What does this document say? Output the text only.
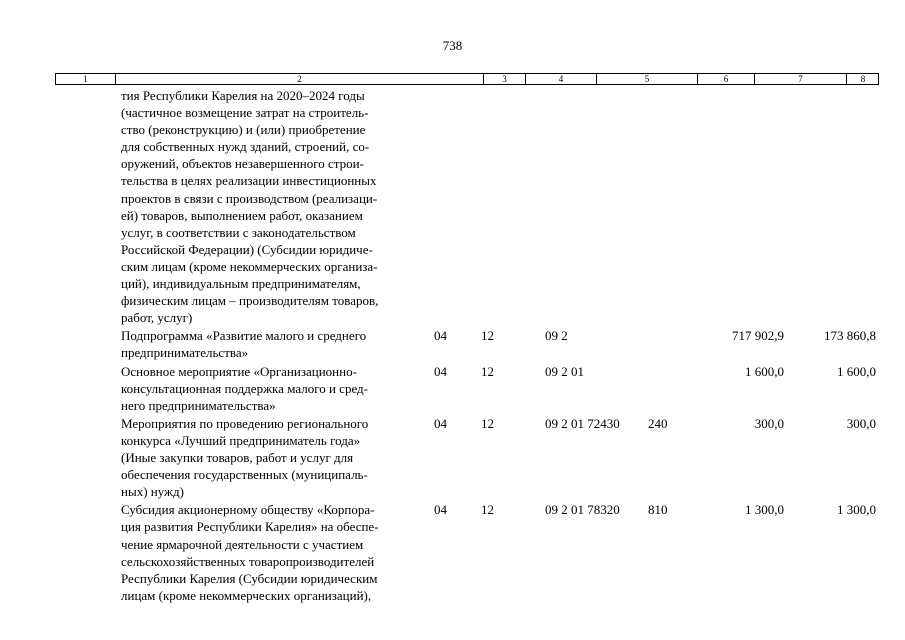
738
1	2	3	4	5	6	7	8
тия Республики Карелия на 2020–2024 годы
(частичное возмещение затрат на строитель-
ство (реконструкцию) и (или) приобретение
для собственных нужд зданий, строений, со-
оружений, объектов незавершенного строи-
тельства в целях реализации инвестиционных
проектов в связи с производством (реализаци-
ей) товаров, выполнением работ, оказанием
услуг, в соответствии с законодательством
Российской Федерации) (Субсидии юридиче-
ским лицам (кроме некоммерческих организа-
ций), индивидуальным предпринимателям,
физическим лицам – производителям товаров,
работ, услуг)
Подпрограмма «Развитие малого и среднего
предпринимательства»
04	12	09 2	717 902,9	173 860,8
Основное мероприятие «Организационно-
консультационная поддержка малого и сред-
него предпринимательства»
04	12	09 2 01	1 600,0	1 600,0
Мероприятия по проведению регионального
конкурса «Лучший предприниматель года»
(Иные закупки товаров, работ и услуг для
обеспечения государственных (муниципаль-
ных) нужд)
04	12	09 2 01 72430 240	300,0	300,0
Субсидия акционерному обществу «Корпора-
ция развития Республики Карелия» на обеспе-
чение ярмарочной деятельности с участием
сельскохозяйственных товаропроизводителей
Республики Карелия (Субсидии юридическим
лицам (кроме некоммерческих организаций),
04	12	09 2 01 78320 810	1 300,0	1 300,0
